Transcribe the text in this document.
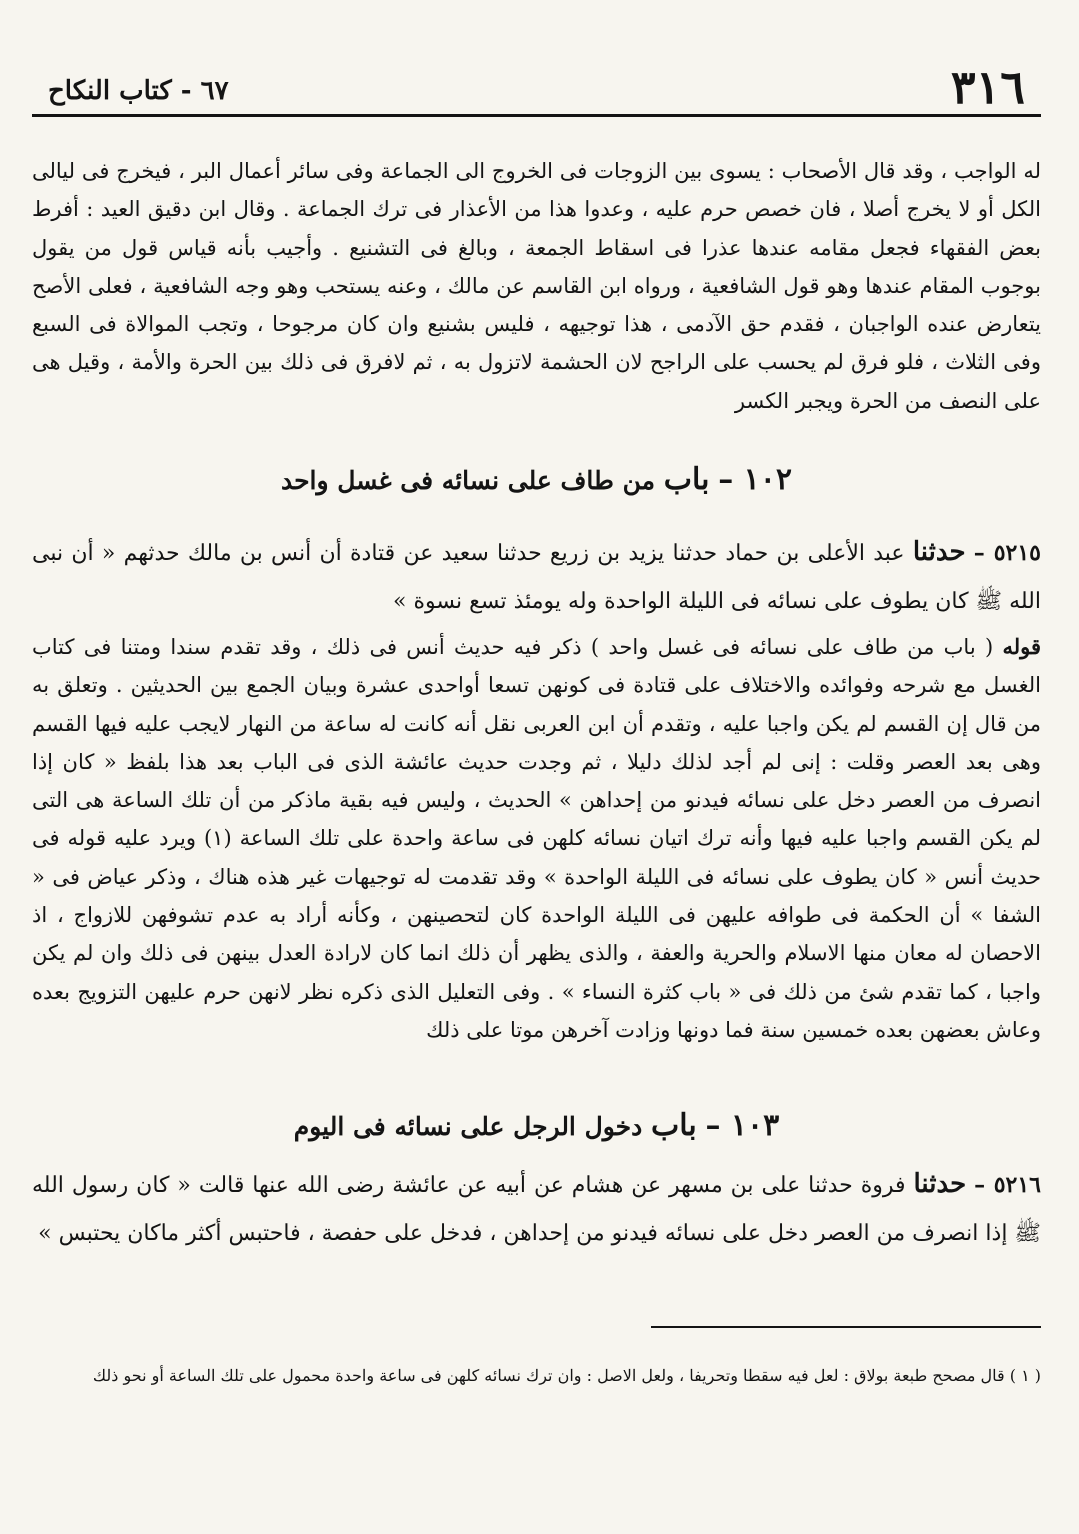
٣١٦
٦٧ - كتاب النكاح

له الواجب ، وقد قال الأصحاب : يسوى بين الزوجات فى الخروج الى الجماعة وفى سائر أعمال البر ، فيخرج فى ليالى الكل أو لا يخرج أصلا ، فان خصص حرم عليه ، وعدوا هذا من الأعذار فى ترك الجماعة . وقال ابن دقيق العيد : أفرط بعض الفقهاء فجعل مقامه عندها عذرا فى اسقاط الجمعة ، وبالغ فى التشنيع . وأجيب بأنه قياس قول من يقول بوجوب المقام عندها وهو قول الشافعية ، ورواه ابن القاسم عن مالك ، وعنه يستحب وهو وجه الشافعية ، فعلى الأصح يتعارض عنده الواجبان ، فقدم حق الآدمى ، هذا توجيهه ، فليس بشنيع وان كان مرجوحا ، وتجب الموالاة فى السبع وفى الثلاث ، فلو فرق لم يحسب على الراجح لان الحشمة لاتزول به ، ثم لافرق فى ذلك بين الحرة والأمة ، وقيل هى على النصف من الحرة ويجبر الكسر

١٠٢ – باب من طاف على نسائه فى غسل واحد
٥٢١٥ – حدثنا عبد الأعلى بن حماد حدثنا يزيد بن زريع حدثنا سعيد عن قتادة أن أنس بن مالك حدثهم « أن نبى الله ﷺ كان يطوف على نسائه فى الليلة الواحدة وله يومئذ تسع نسوة »
قوله ( باب من طاف على نسائه فى غسل واحد ) ذكر فيه حديث أنس فى ذلك ، وقد تقدم سندا ومتنا فى كتاب الغسل مع شرحه وفوائده والاختلاف على قتادة فى كونهن تسعا أواحدى عشرة وبيان الجمع بين الحديثين . وتعلق به من قال إن القسم لم يكن واجبا عليه ، وتقدم أن ابن العربى نقل أنه كانت له ساعة من النهار لايجب عليه فيها القسم وهى بعد العصر وقلت : إنى لم أجد لذلك دليلا ، ثم وجدت حديث عائشة الذى فى الباب بعد هذا بلفظ « كان إذا انصرف من العصر دخل على نسائه فيدنو من إحداهن » الحديث ، وليس فيه بقية ماذكر من أن تلك الساعة هى التى لم يكن القسم واجبا عليه فيها وأنه ترك اتيان نسائه كلهن فى ساعة واحدة على تلك الساعة (١) ويرد عليه قوله فى حديث أنس « كان يطوف على نسائه فى الليلة الواحدة » وقد تقدمت له توجيهات غير هذه هناك ، وذكر عياض فى « الشفا » أن الحكمة فى طوافه عليهن فى الليلة الواحدة كان لتحصينهن ، وكأنه أراد به عدم تشوفهن للازواج ، اذ الاحصان له معان منها الاسلام والحرية والعفة ، والذى يظهر أن ذلك انما كان لارادة العدل بينهن فى ذلك وان لم يكن واجبا ، كما تقدم شئ من ذلك فى « باب كثرة النساء » . وفى التعليل الذى ذكره نظر لانهن حرم عليهن التزويج بعده وعاش بعضهن بعده خمسين سنة فما دونها وزادت آخرهن موتا على ذلك
١٠٣ – باب دخول الرجل على نسائه فى اليوم
٥٢١٦ – حدثنا فروة حدثنا على بن مسهر عن هشام عن أبيه عن عائشة رضى الله عنها قالت « كان رسول الله ﷺ إذا انصرف من العصر دخل على نسائه فيدنو من إحداهن ، فدخل على حفصة ، فاحتبس أكثر ماكان يحتبس »

( ١ ) قال مصحح طبعة بولاق : لعل فيه سقطا وتحريفا ، ولعل الاصل : وان ترك نسائه كلهن فى ساعة واحدة محمول على تلك الساعة أو نحو ذلك
